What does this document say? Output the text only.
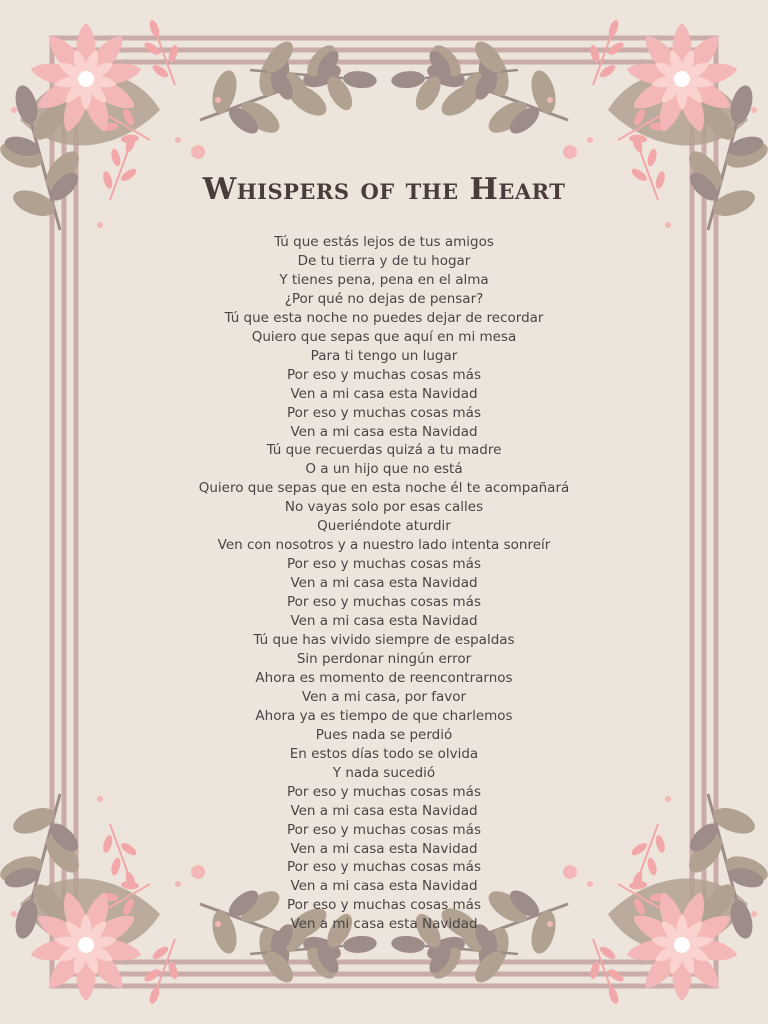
Whispers of the Heart
Tú que estás lejos de tus amigos
De tu tierra y de tu hogar
Y tienes pena, pena en el alma
¿Por qué no dejas de pensar?
Tú que esta noche no puedes dejar de recordar
Quiero que sepas que aquí en mi mesa
Para ti tengo un lugar
Por eso y muchas cosas más
Ven a mi casa esta Navidad
Por eso y muchas cosas más
Ven a mi casa esta Navidad
Tú que recuerdas quizá a tu madre
O a un hijo que no está
Quiero que sepas que en esta noche él te acompañará
No vayas solo por esas calles
Queriéndote aturdir
Ven con nosotros y a nuestro lado intenta sonreír
Por eso y muchas cosas más
Ven a mi casa esta Navidad
Por eso y muchas cosas más
Ven a mi casa esta Navidad
Tú que has vivido siempre de espaldas
Sin perdonar ningún error
Ahora es momento de reencontrarnos
Ven a mi casa, por favor
Ahora ya es tiempo de que charlemos
Pues nada se perdió
En estos días todo se olvida
Y nada sucedió
Por eso y muchas cosas más
Ven a mi casa esta Navidad
Por eso y muchas cosas más
Ven a mi casa esta Navidad
Por eso y muchas cosas más
Ven a mi casa esta Navidad
Por eso y muchas cosas más
Ven a mi casa esta Navidad
